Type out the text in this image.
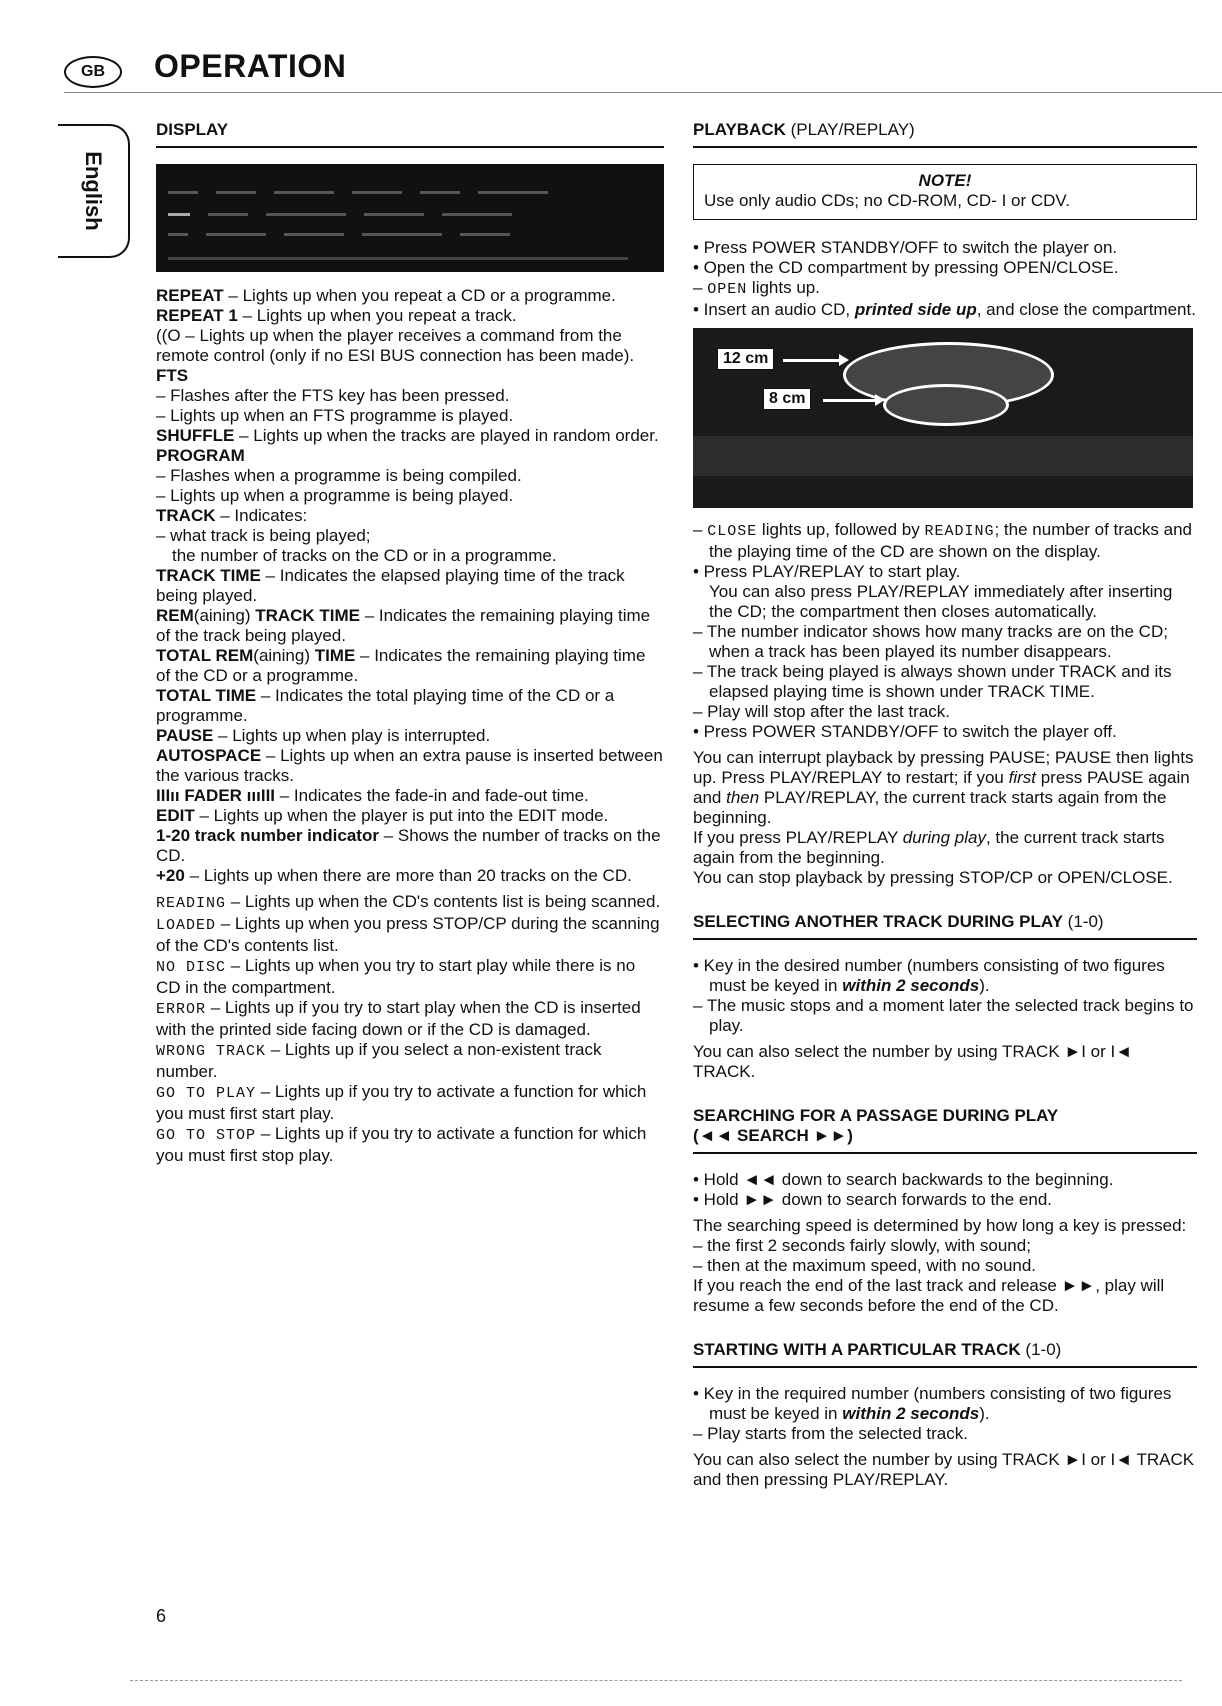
GB	OPERATION
English
DISPLAY

REPEAT – Lights up when you repeat a CD or a programme.

REPEAT 1 – Lights up when you repeat a track.

((O – Lights up when the player receives a command from the remote control (only if no ESI BUS connection has been made).

FTS

– Flashes after the FTS key has been pressed.

– Lights up when an FTS programme is played.

SHUFFLE – Lights up when the tracks are played in random order.

PROGRAM

– Flashes when a programme is being compiled.

– Lights up when a programme is being played.

TRACK – Indicates:

– what track is being played;

the number of tracks on the CD or in a programme.

TRACK TIME – Indicates the elapsed playing time of the track being played.

REM(aining) TRACK TIME – Indicates the remaining playing time of the track being played.

TOTAL REM(aining) TIME – Indicates the remaining playing time of the CD or a programme.

TOTAL TIME – Indicates the total playing time of the CD or a programme.

PAUSE – Lights up when play is interrupted.

AUTOSPACE – Lights up when an extra pause is inserted between the various tracks.

IIIıı FADER ıııIII – Indicates the fade-in and fade-out time.

EDIT – Lights up when the player is put into the EDIT mode.

1-20 track number indicator – Shows the number of tracks on the CD.

+20 – Lights up when there are more than 20 tracks on the CD.

READING – Lights up when the CD's contents list is being scanned.

LOADED – Lights up when you press STOP/CP during the scanning of the CD's contents list.

NO DISC – Lights up when you try to start play while there is no CD in the compartment.

ERROR – Lights up if you try to start play when the CD is inserted with the printed side facing down or if the CD is damaged.

WRONG TRACK – Lights up if you select a non-existent track number.

GO TO PLAY – Lights up if you try to activate a function for which you must first start play.

GO TO STOP – Lights up if you try to activate a function for which you must first stop play.

PLAYBACK (PLAY/REPLAY)
NOTE!
Use only audio CDs; no CD-ROM, CD- I or CDV.

• Press POWER STANDBY/OFF to switch the player on.

• Open the CD compartment by pressing OPEN/CLOSE.

– OPEN lights up.

• Insert an audio CD, printed side up, and close the compartment.

12 cm
8 cm

– CLOSE lights up, followed by READING; the number of tracks and the playing time of the CD are shown on the display.

• Press PLAY/REPLAY to start play.

You can also press PLAY/REPLAY immediately after inserting the CD; the compartment then closes automatically.

– The number indicator shows how many tracks are on the CD; when a track has been played its number disappears.

– The track being played is always shown under TRACK and its elapsed playing time is shown under TRACK TIME.

– Play will stop after the last track.

• Press POWER STANDBY/OFF to switch the player off.

You can interrupt playback by pressing PAUSE; PAUSE then lights up. Press PLAY/REPLAY to restart; if you first press PAUSE again and then PLAY/REPLAY, the current track starts again from the beginning.

If you press PLAY/REPLAY during play, the current track starts again from the beginning.

You can stop playback by pressing STOP/CP or OPEN/CLOSE.

SELECTING ANOTHER TRACK DURING PLAY (1-0)

• Key in the desired number (numbers consisting of two figures must be keyed in within 2 seconds).

– The music stops and a moment later the selected track begins to play.

You can also select the number by using TRACK ►I or I◄ TRACK.

SEARCHING FOR A PASSAGE DURING PLAY
(◄◄ SEARCH ►►)

• Hold ◄◄ down to search backwards to the beginning.

• Hold ►► down to search forwards to the end.

The searching speed is determined by how long a key is pressed:

– the first 2 seconds fairly slowly, with sound;

– then at the maximum speed, with no sound.

If you reach the end of the last track and release ►►, play will resume a few seconds before the end of the CD.

STARTING WITH A PARTICULAR TRACK (1-0)

• Key in the required number (numbers consisting of two figures must be keyed in within 2 seconds).

– Play starts from the selected track.

You can also select the number by using TRACK ►I or I◄ TRACK and then pressing PLAY/REPLAY.

6
